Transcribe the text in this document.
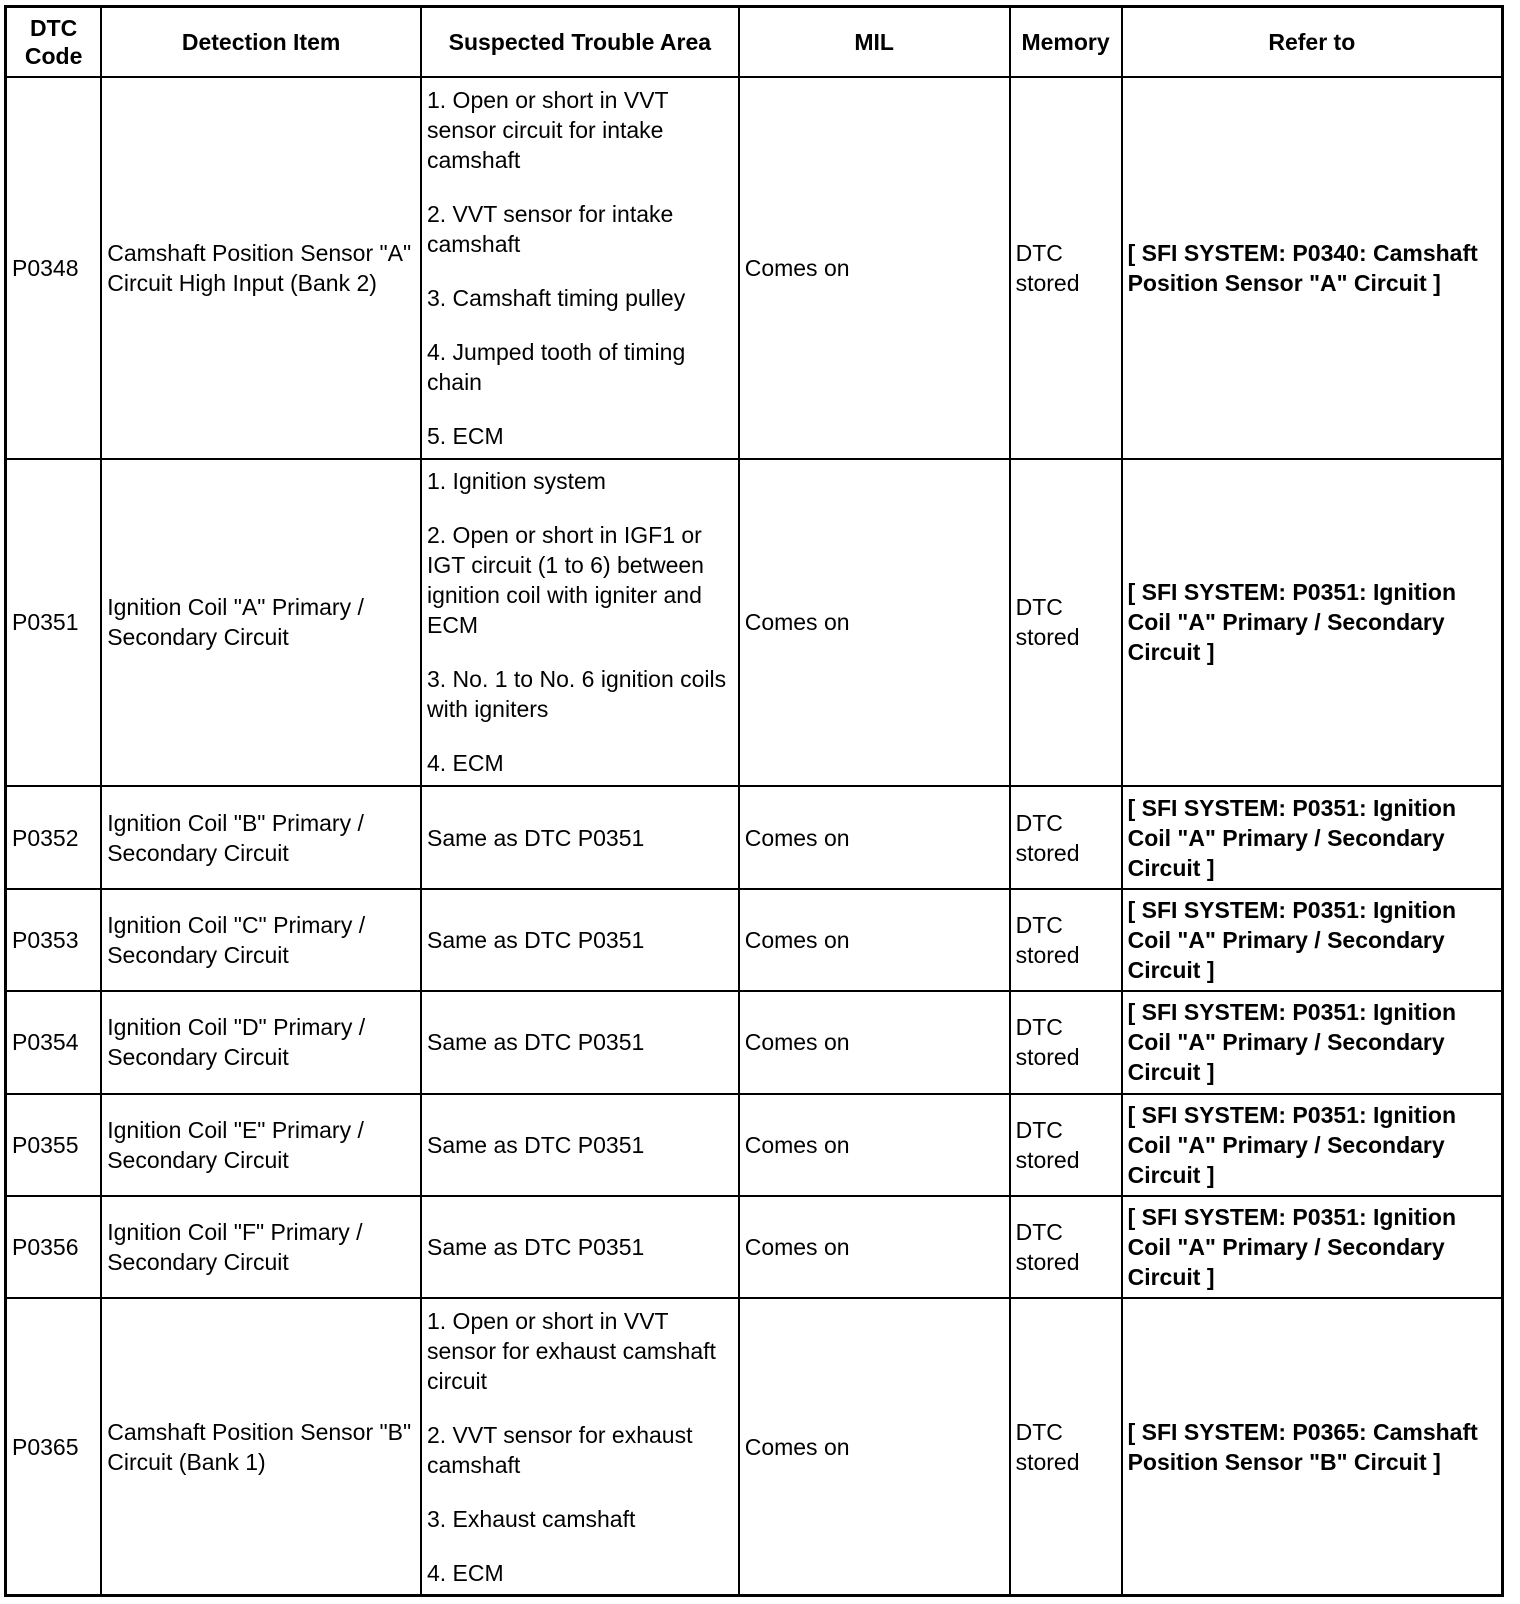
DTC Code	Detection Item	Suspected Trouble Area	MIL	Memory	Refer to
P0348	Camshaft Position Sensor "A" Circuit High Input (Bank 2)	1. Open or short in VVT sensor circuit for intake camshaft
2. VVT sensor for intake camshaft
3. Camshaft timing pulley
4. Jumped tooth of timing chain
5. ECM	Comes on	DTC stored	[ SFI SYSTEM: P0340: Camshaft Position Sensor "A" Circuit ]
P0351	Ignition Coil "A" Primary / Secondary Circuit	1. Ignition system
2. Open or short in IGF1 or IGT circuit (1 to 6) between ignition coil with igniter and ECM
3. No. 1 to No. 6 ignition coils with igniters
4. ECM	Comes on	DTC stored	[ SFI SYSTEM: P0351: Ignition Coil "A" Primary / Secondary Circuit ]
P0352	Ignition Coil "B" Primary / Secondary Circuit	Same as DTC P0351	Comes on	DTC stored	[ SFI SYSTEM: P0351: Ignition Coil "A" Primary / Secondary Circuit ]
P0353	Ignition Coil "C" Primary / Secondary Circuit	Same as DTC P0351	Comes on	DTC stored	[ SFI SYSTEM: P0351: Ignition Coil "A" Primary / Secondary Circuit ]
P0354	Ignition Coil "D" Primary / Secondary Circuit	Same as DTC P0351	Comes on	DTC stored	[ SFI SYSTEM: P0351: Ignition Coil "A" Primary / Secondary Circuit ]
P0355	Ignition Coil "E" Primary / Secondary Circuit	Same as DTC P0351	Comes on	DTC stored	[ SFI SYSTEM: P0351: Ignition Coil "A" Primary / Secondary Circuit ]
P0356	Ignition Coil "F" Primary / Secondary Circuit	Same as DTC P0351	Comes on	DTC stored	[ SFI SYSTEM: P0351: Ignition Coil "A" Primary / Secondary Circuit ]
P0365	Camshaft Position Sensor "B" Circuit (Bank 1)	1. Open or short in VVT sensor for exhaust camshaft circuit
2. VVT sensor for exhaust camshaft
3. Exhaust camshaft
4. ECM	Comes on	DTC stored	[ SFI SYSTEM: P0365: Camshaft Position Sensor "B" Circuit ]
